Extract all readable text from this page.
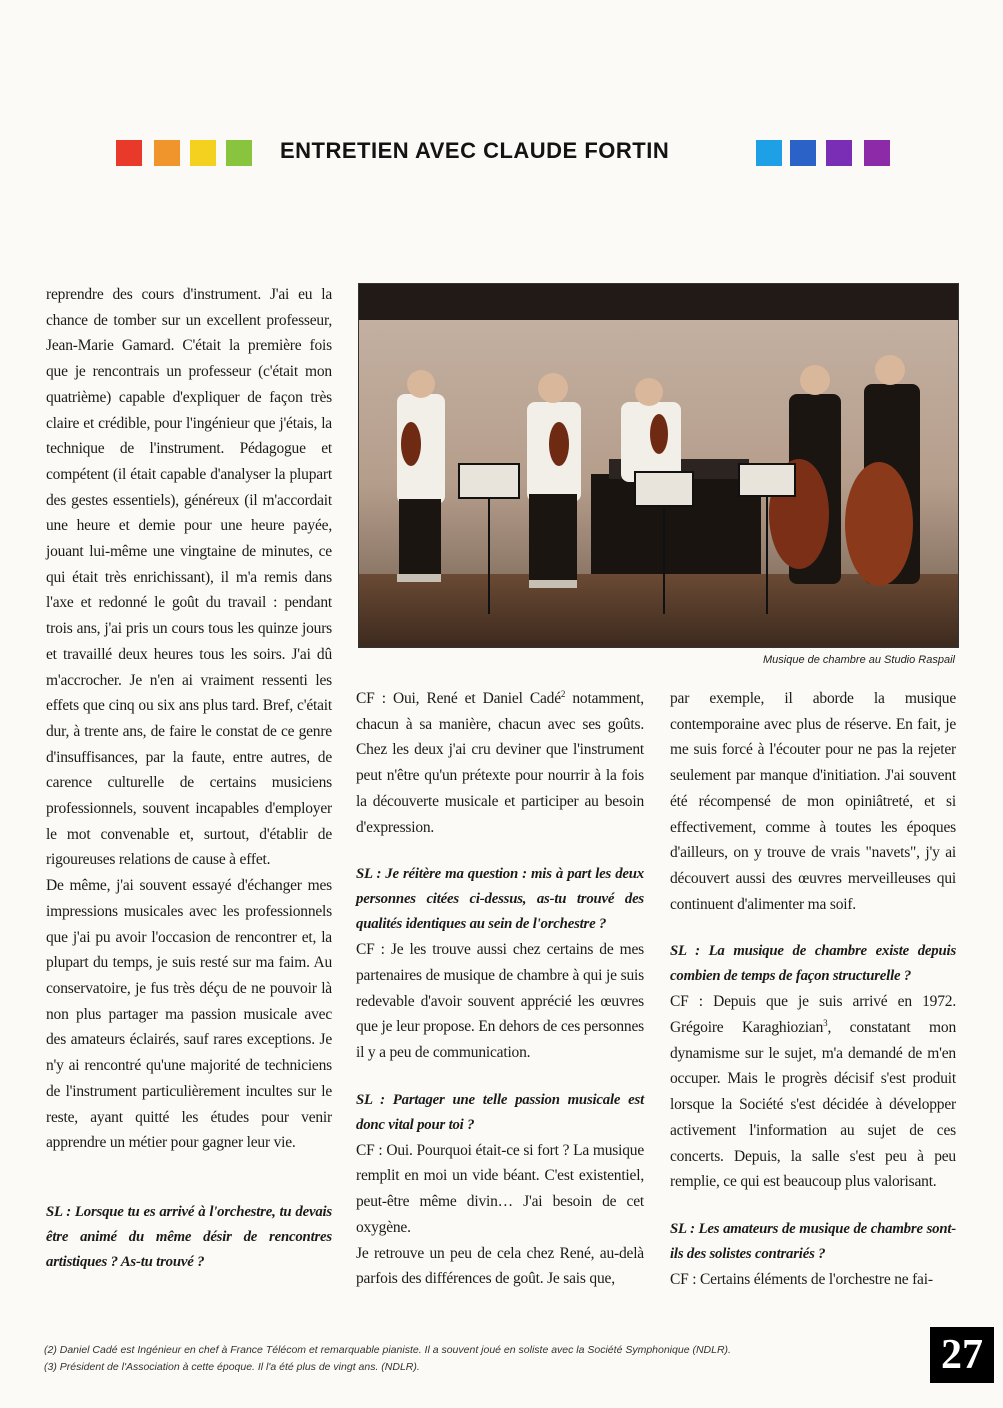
ENTRETIEN AVEC CLAUDE FORTIN

reprendre des cours d'instrument. J'ai eu la chance de tomber sur un excellent professeur, Jean-Marie Gamard. C'était la première fois que je rencontrais un professeur (c'était mon quatrième) capable d'expliquer de façon très claire et crédible, pour l'ingénieur que j'étais, la technique de l'instrument. Pédagogue et compétent (il était capable d'analyser la plupart des gestes essentiels), généreux (il m'accordait une heure et demie pour une heure payée, jouant lui-même une vingtaine de minutes, ce qui était très enrichissant), il m'a remis dans l'axe et redonné le goût du travail : pendant trois ans, j'ai pris un cours tous les quinze jours et travaillé deux heures tous les soirs. J'ai dû m'accrocher. Je n'en ai vraiment ressenti les effets que cinq ou six ans plus tard. Bref, c'était dur, à trente ans, de faire le constat de ce genre d'insuffisances, par la faute, entre autres, de carence culturelle de certains musiciens professionnels, souvent incapables d'employer le mot convenable et, surtout, d'établir de rigoureuses relations de cause à effet.

De même, j'ai souvent essayé d'échanger mes impressions musicales avec les professionnels que j'ai pu avoir l'occasion de rencontrer et, la plupart du temps, je suis resté sur ma faim. Au conservatoire, je fus très déçu de ne pouvoir là non plus partager ma passion musicale avec des amateurs éclairés, sauf rares exceptions. Je n'y ai rencontré qu'une majorité de techniciens de l'instrument particulièrement incultes sur le reste, ayant quitté les études pour venir apprendre un métier pour gagner leur vie.

SL : Lorsque tu es arrivé à l'orchestre, tu devais être animé du même désir de rencontres artistiques ? As-tu trouvé ?

Musique de chambre au Studio Raspail

CF : Oui, René et Daniel Cadé$^2$ notamment, chacun à sa manière, chacun avec ses goûts. Chez les deux j'ai cru deviner que l'instrument peut n'être qu'un prétexte pour nourrir à la fois la découverte musicale et participer au besoin d'expression.

SL : Je réitère ma question : mis à part les deux personnes citées ci-dessus, as-tu trouvé des qualités identiques au sein de l'orchestre ?

CF : Je les trouve aussi chez certains de mes partenaires de musique de chambre à qui je suis redevable d'avoir souvent apprécié les œuvres que je leur propose. En dehors de ces personnes il y a peu de communication.

SL : Partager une telle passion musicale est donc vital pour toi ?

CF : Oui. Pourquoi était-ce si fort ? La musique remplit en moi un vide béant. C'est existentiel, peut-être même divin… J'ai besoin de cet oxygène.

Je retrouve un peu de cela chez René, au-delà parfois des différences de goût. Je sais que,

par exemple, il aborde la musique contemporaine avec plus de réserve. En fait, je me suis forcé à l'écouter pour ne pas la rejeter seulement par manque d'initiation. J'ai souvent été récompensé de mon opiniâtreté, et si effectivement, comme à toutes les époques d'ailleurs, on y trouve de vrais "navets", j'y ai découvert aussi des œuvres merveilleuses qui continuent d'alimenter ma soif.

SL : La musique de chambre existe depuis combien de temps de façon structurelle ?

CF : Depuis que je suis arrivé en 1972. Grégoire Karaghiozian$^3$, constatant mon dynamisme sur le sujet, m'a demandé de m'en occuper. Mais le progrès décisif s'est produit lorsque la Société s'est décidée à développer activement l'information au sujet de ces concerts. Depuis, la salle s'est peu à peu remplie, ce qui est beaucoup plus valorisant.

SL : Les amateurs de musique de chambre sont-ils des solistes contrariés ?

CF : Certains éléments de l'orchestre ne fai-

(2) Daniel Cadé est Ingénieur en chef à France Télécom et remarquable pianiste. Il a souvent joué en soliste avec la Société Symphonique (NDLR).
(3) Président de l'Association à cette époque. Il l'a été plus de vingt ans. (NDLR).	27
